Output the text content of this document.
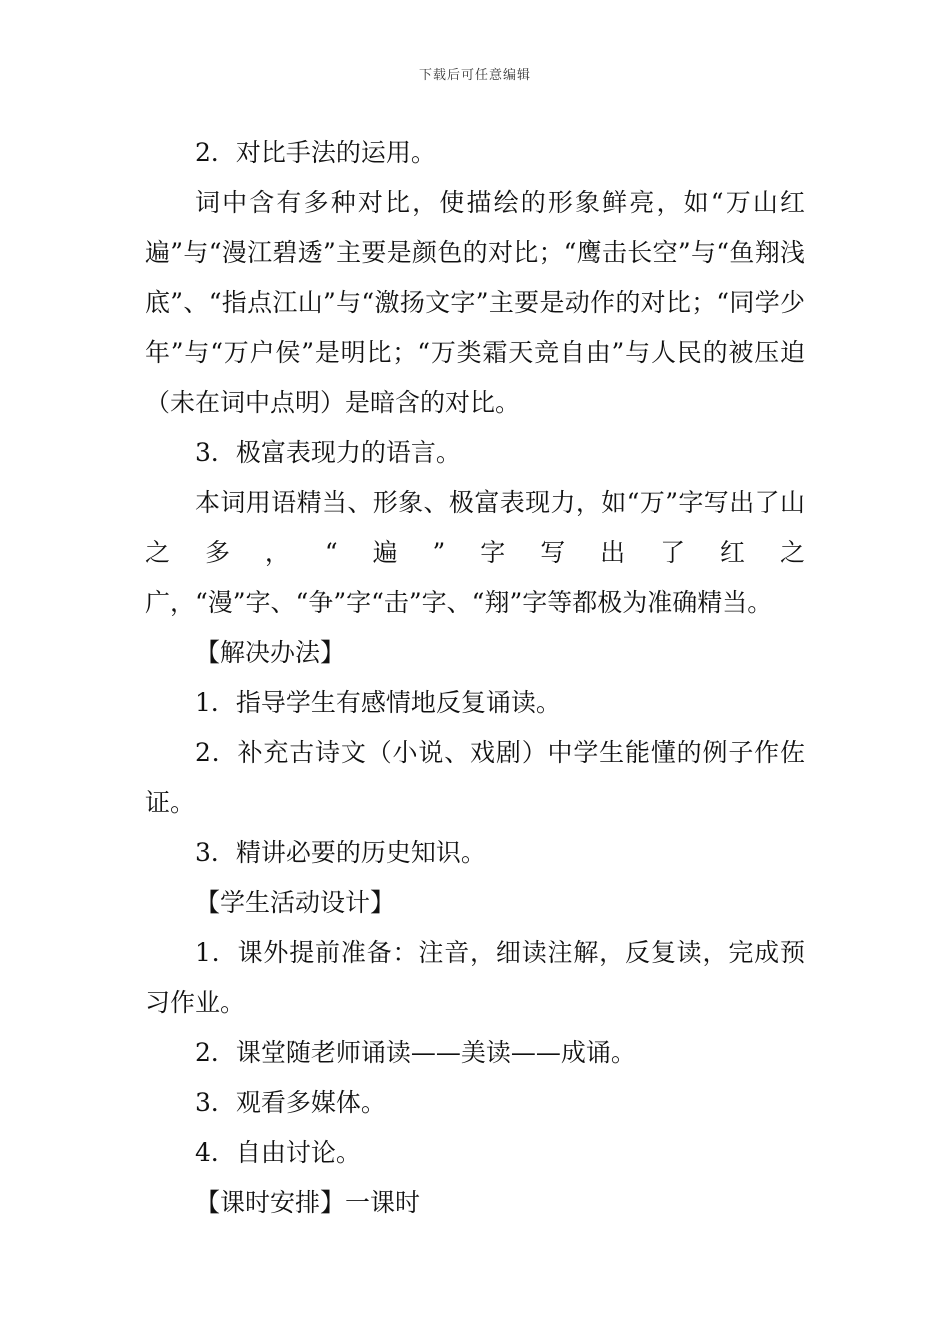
下载后可任意编辑

2．对比手法的运用。

词中含有多种对比，使描绘的形象鲜亮，如“万山红遍”与“漫江碧透”主要是颜色的对比；“鹰击长空”与“鱼翔浅底”、“指点江山”与“激扬文字”主要是动作的对比；“同学少年”与“万户侯”是明比；“万类霜天竞自由”与人民的被压迫（未在词中点明）是暗含的对比。

3．极富表现力的语言。

本词用语精当、形象、极富表现力，如“万”字写出了山之多，“遍”字写出了红之广，“漫”字、“争”字“击”字、“翔”字等都极为准确精当。

【解决办法】

1．指导学生有感情地反复诵读。

2．补充古诗文（小说、戏剧）中学生能懂的例子作佐证。

3．精讲必要的历史知识。

【学生活动设计】

1．课外提前准备：注音，细读注解，反复读，完成预习作业。

2．课堂随老师诵读——美读——成诵。

3．观看多媒体。

4．自由讨论。

【课时安排】一课时
